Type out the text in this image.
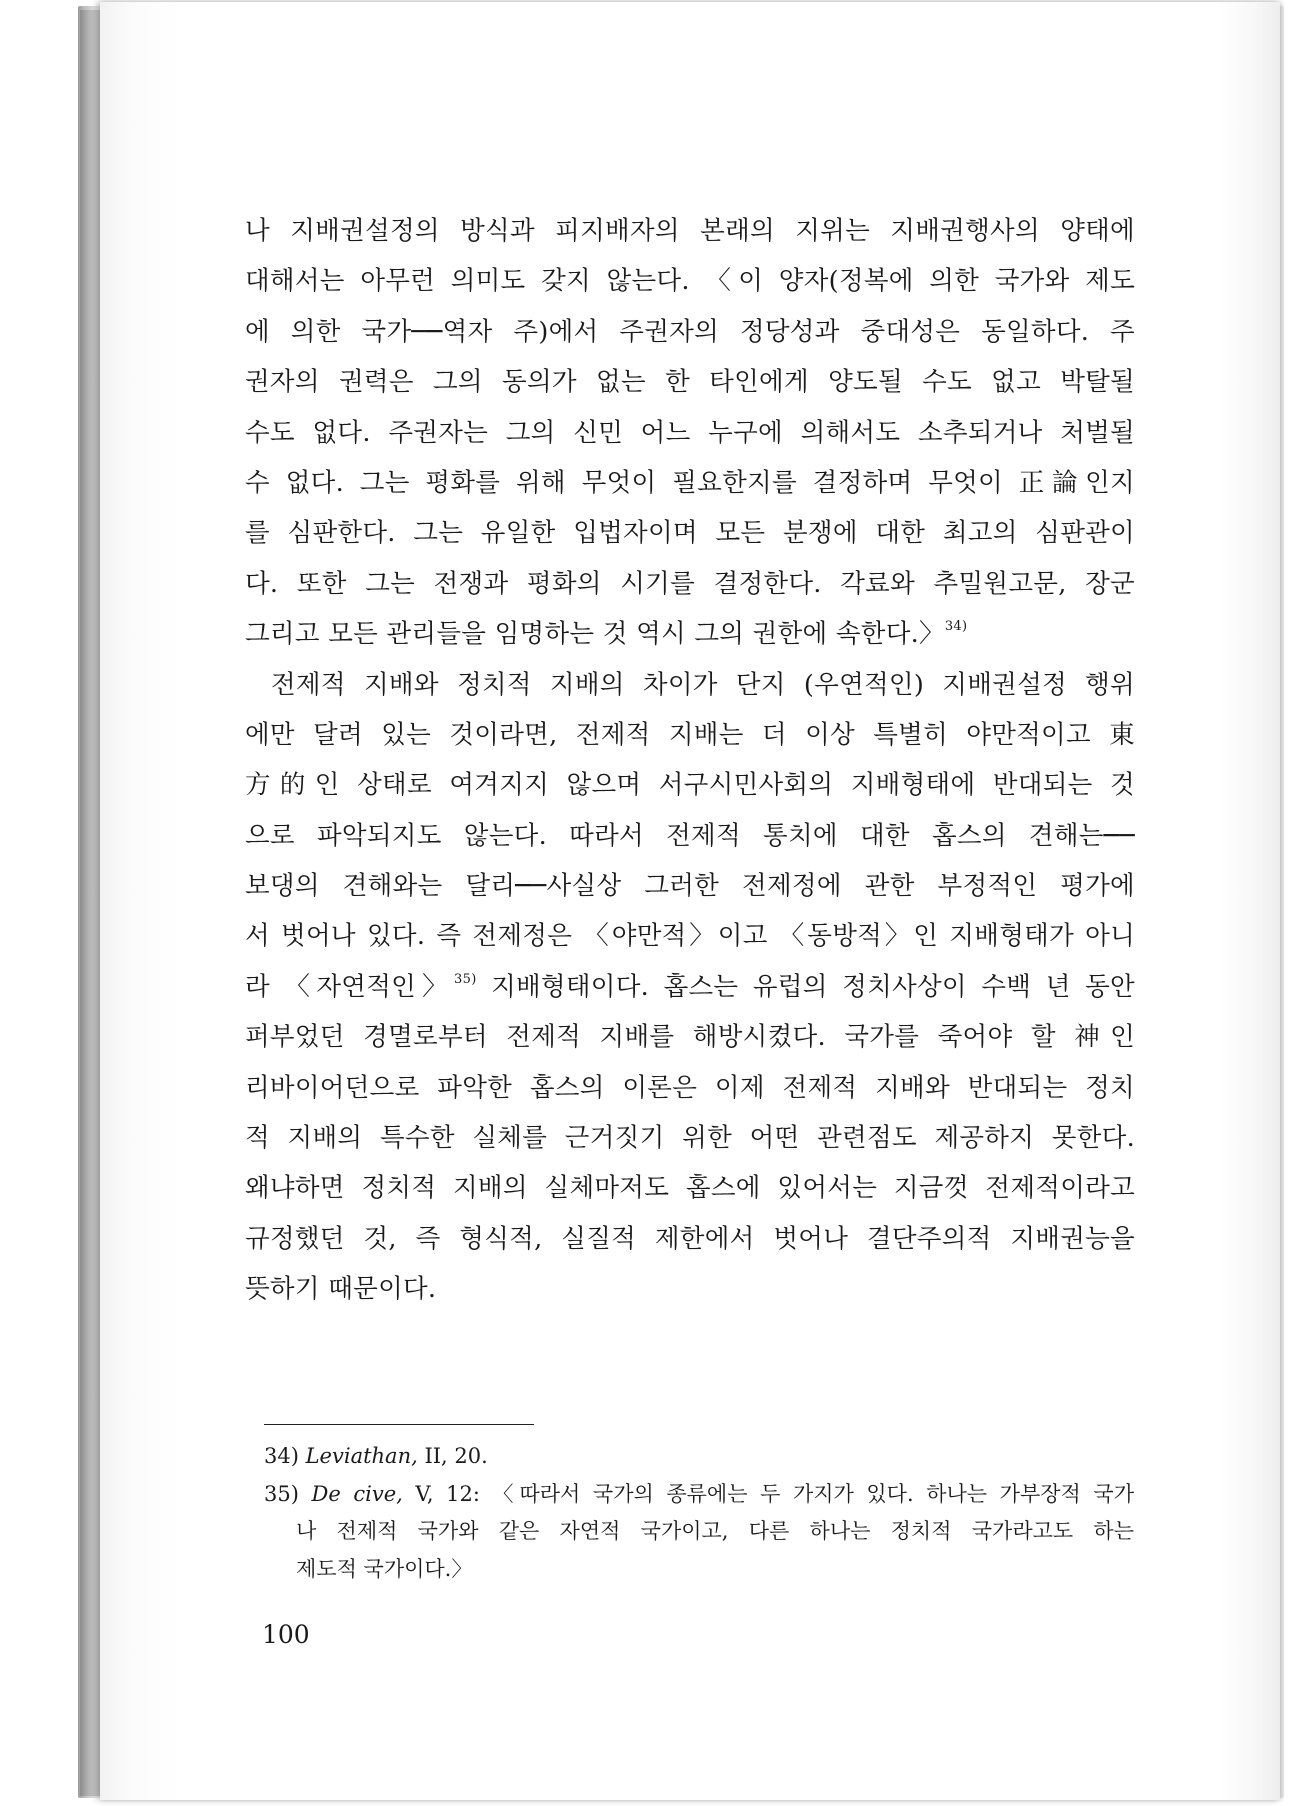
나 지배권설정의 방식과 피지배자의 본래의 지위는 지배권행사의 양태에
대해서는 아무런 의미도 갖지 않는다. 〈이 양자(정복에 의한 국가와 제도
에 의한 국가──역자 주)에서 주권자의 정당성과 중대성은 동일하다. 주
권자의 권력은 그의 동의가 없는 한 타인에게 양도될 수도 없고 박탈될
수도 없다. 주권자는 그의 신민 어느 누구에 의해서도 소추되거나 처벌될
수 없다. 그는 평화를 위해 무엇이 필요한지를 결정하며 무엇이 正論인지
를 심판한다. 그는 유일한 입법자이며 모든 분쟁에 대한 최고의 심판관이
다. 또한 그는 전쟁과 평화의 시기를 결정한다. 각료와 추밀원고문, 장군
그리고 모든 관리들을 임명하는 것 역시 그의 권한에 속한다.〉$^{34)}$
전제적 지배와 정치적 지배의 차이가 단지 (우연적인) 지배권설정 행위
에만 달려 있는 것이라면, 전제적 지배는 더 이상 특별히 야만적이고 東
方的인 상태로 여겨지지 않으며 서구시민사회의 지배형태에 반대되는 것
으로 파악되지도 않는다. 따라서 전제적 통치에 대한 홉스의 견해는──
보댕의 견해와는 달리──사실상 그러한 전제정에 관한 부정적인 평가에
서 벗어나 있다. 즉 전제정은 〈야만적〉이고 〈동방적〉인 지배형태가 아니
라 〈자연적인〉$^{35)}$ 지배형태이다. 홉스는 유럽의 정치사상이 수백 년 동안
퍼부었던 경멸로부터 전제적 지배를 해방시켰다. 국가를 죽어야 할 神인
리바이어던으로 파악한 홉스의 이론은 이제 전제적 지배와 반대되는 정치
적 지배의 특수한 실체를 근거짓기 위한 어떤 관련점도 제공하지 못한다.
왜냐하면 정치적 지배의 실체마저도 홉스에 있어서는 지금껏 전제적이라고
규정했던 것, 즉 형식적, 실질적 제한에서 벗어나 결단주의적 지배권능을
뜻하기 때문이다.
34) Leviathan, II, 20.
35) De cive, V, 12: 〈따라서 국가의 종류에는 두 가지가 있다. 하나는 가부장적 국가
나 전제적 국가와 같은 자연적 국가이고, 다른 하나는 정치적 국가라고도 하는
제도적 국가이다.〉
100
